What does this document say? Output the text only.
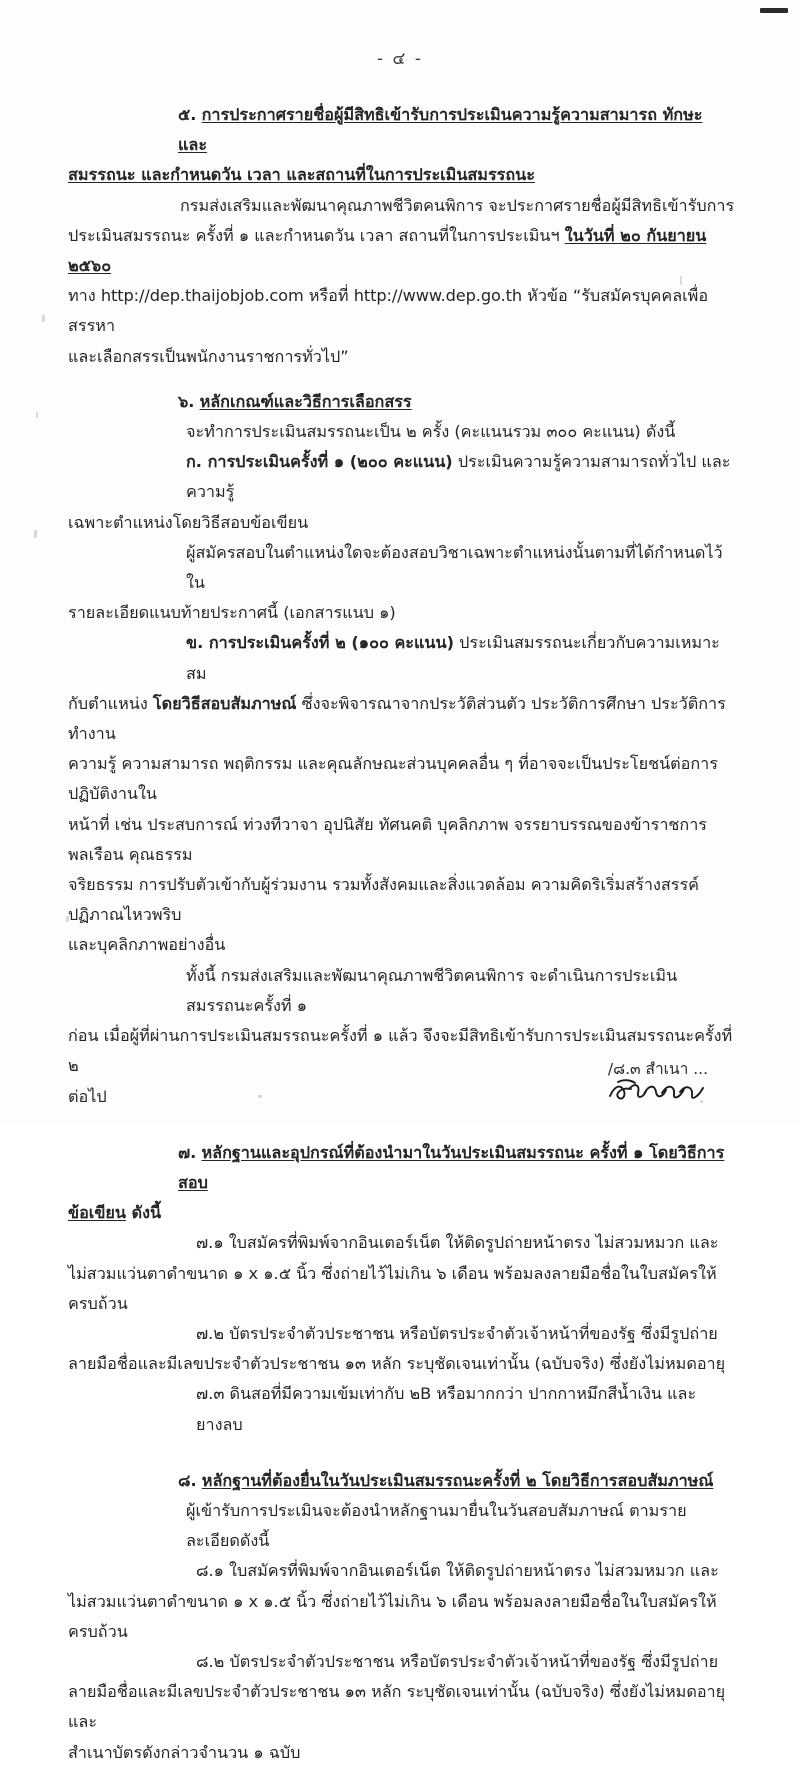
- ๔ -

๕. การประกาศรายชื่อผู้มีสิทธิเข้ารับการประเมินความรู้ความสามารถ ทักษะ และ

สมรรถนะ และกำหนดวัน เวลา และสถานที่ในการประเมินสมรรถนะ

กรมส่งเสริมและพัฒนาคุณภาพชีวิตคนพิการ จะประกาศรายชื่อผู้มีสิทธิเข้ารับการ

ประเมินสมรรถนะ ครั้งที่ ๑ และกำหนดวัน เวลา สถานที่ในการประเมินฯ ในวันที่ ๒๐ กันยายน ๒๕๖๐

ทาง http://dep.thaijobjob.com หรือที่ http://www.dep.go.th หัวข้อ “รับสมัครบุคคลเพื่อสรรหา

และเลือกสรรเป็นพนักงานราชการทั่วไป”

๖. หลักเกณฑ์และวิธีการเลือกสรร

จะทำการประเมินสมรรถนะเป็น ๒ ครั้ง (คะแนนรวม ๓๐๐ คะแนน) ดังนี้

ก. การประเมินครั้งที่ ๑ (๒๐๐ คะแนน) ประเมินความรู้ความสามารถทั่วไป และความรู้

เฉพาะตำแหน่งโดยวิธีสอบข้อเขียน

ผู้สมัครสอบในตำแหน่งใดจะต้องสอบวิชาเฉพาะตำแหน่งนั้นตามที่ได้กำหนดไว้ใน

รายละเอียดแนบท้ายประกาศนี้ (เอกสารแนบ ๑)

ข. การประเมินครั้งที่ ๒ (๑๐๐ คะแนน) ประเมินสมรรถนะเกี่ยวกับความเหมาะสม

กับตำแหน่ง โดยวิธีสอบสัมภาษณ์ ซึ่งจะพิจารณาจากประวัติส่วนตัว ประวัติการศึกษา ประวัติการทำงาน

ความรู้ ความสามารถ พฤติกรรม และคุณลักษณะส่วนบุคคลอื่น ๆ ที่อาจจะเป็นประโยชน์ต่อการปฏิบัติงานใน

หน้าที่ เช่น ประสบการณ์ ท่วงทีวาจา อุปนิสัย ทัศนคติ บุคลิกภาพ จรรยาบรรณของข้าราชการพลเรือน คุณธรรม

จริยธรรม การปรับตัวเข้ากับผู้ร่วมงาน รวมทั้งสังคมและสิ่งแวดล้อม ความคิดริเริ่มสร้างสรรค์ ปฏิภาณไหวพริบ

และบุคลิกภาพอย่างอื่น

ทั้งนี้ กรมส่งเสริมและพัฒนาคุณภาพชีวิตคนพิการ จะดำเนินการประเมินสมรรถนะครั้งที่ ๑

ก่อน เมื่อผู้ที่ผ่านการประเมินสมรรถนะครั้งที่ ๑ แล้ว จึงจะมีสิทธิเข้ารับการประเมินสมรรถนะครั้งที่ ๒

ต่อไป

๗. หลักฐานและอุปกรณ์ที่ต้องนำมาในวันประเมินสมรรถนะ ครั้งที่ ๑ โดยวิธีการสอบ

ข้อเขียน ดังนี้

๗.๑ ใบสมัครที่พิมพ์จากอินเตอร์เน็ต ให้ติดรูปถ่ายหน้าตรง ไม่สวมหมวก และ

ไม่สวมแว่นตาดำขนาด ๑ x ๑.๕ นิ้ว ซึ่งถ่ายไว้ไม่เกิน ๖ เดือน พร้อมลงลายมือชื่อในใบสมัครให้ครบถ้วน

๗.๒ บัตรประจำตัวประชาชน หรือบัตรประจำตัวเจ้าหน้าที่ของรัฐ ซึ่งมีรูปถ่าย

ลายมือชื่อและมีเลขประจำตัวประชาชน ๑๓ หลัก ระบุชัดเจนเท่านั้น (ฉบับจริง) ซึ่งยังไม่หมดอายุ

๗.๓ ดินสอที่มีความเข้มเท่ากับ ๒B หรือมากกว่า ปากกาหมึกสีน้ำเงิน และยางลบ

๘. หลักฐานที่ต้องยื่นในวันประเมินสมรรถนะครั้งที่ ๒ โดยวิธีการสอบสัมภาษณ์

ผู้เข้ารับการประเมินจะต้องนำหลักฐานมายื่นในวันสอบสัมภาษณ์ ตามรายละเอียดดังนี้

๘.๑ ใบสมัครที่พิมพ์จากอินเตอร์เน็ต ให้ติดรูปถ่ายหน้าตรง ไม่สวมหมวก และ

ไม่สวมแว่นตาดำขนาด ๑ x ๑.๕ นิ้ว ซึ่งถ่ายไว้ไม่เกิน ๖ เดือน พร้อมลงลายมือชื่อในใบสมัครให้ครบถ้วน

๘.๒ บัตรประจำตัวประชาชน หรือบัตรประจำตัวเจ้าหน้าที่ของรัฐ ซึ่งมีรูปถ่าย

ลายมือชื่อและมีเลขประจำตัวประชาชน ๑๓ หลัก ระบุชัดเจนเท่านั้น (ฉบับจริง) ซึ่งยังไม่หมดอายุ และ

สำเนาบัตรดังกล่าวจำนวน ๑ ฉบับ

/๘.๓ สำเนา ...
